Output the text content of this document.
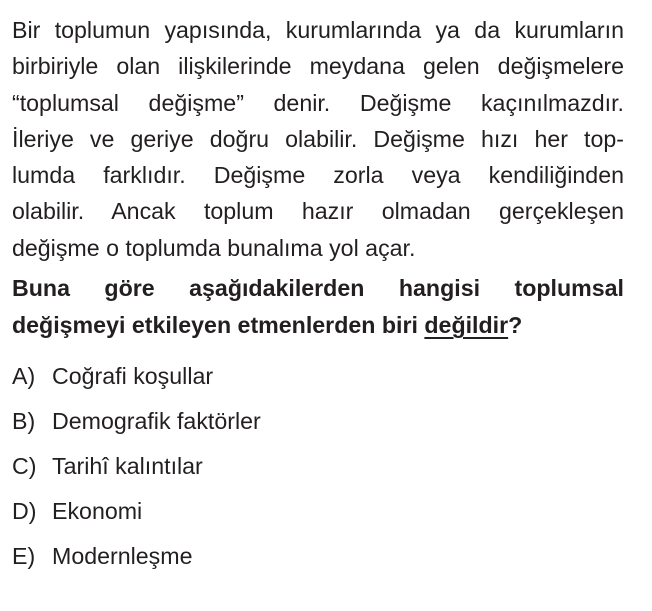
Bir toplumun yapısında, kurumlarında ya da kurumların
birbiriyle olan ilişkilerinde meydana gelen değişmelere
“toplumsal değişme” denir. Değişme kaçınılmazdır.
İleriye ve geriye doğru olabilir. Değişme hızı her top-
lumda farklıdır. Değişme zorla veya kendiliğinden
olabilir. Ancak toplum hazır olmadan gerçekleşen
değişme o toplumda bunalıma yol açar.

Buna göre aşağıdakilerden hangisi toplumsal
değişmeyi etkileyen etmenlerden biri değildir?
A) Coğrafi koşullar
B) Demografik faktörler
C) Tarihî kalıntılar
D) Ekonomi
E) Modernleşme
